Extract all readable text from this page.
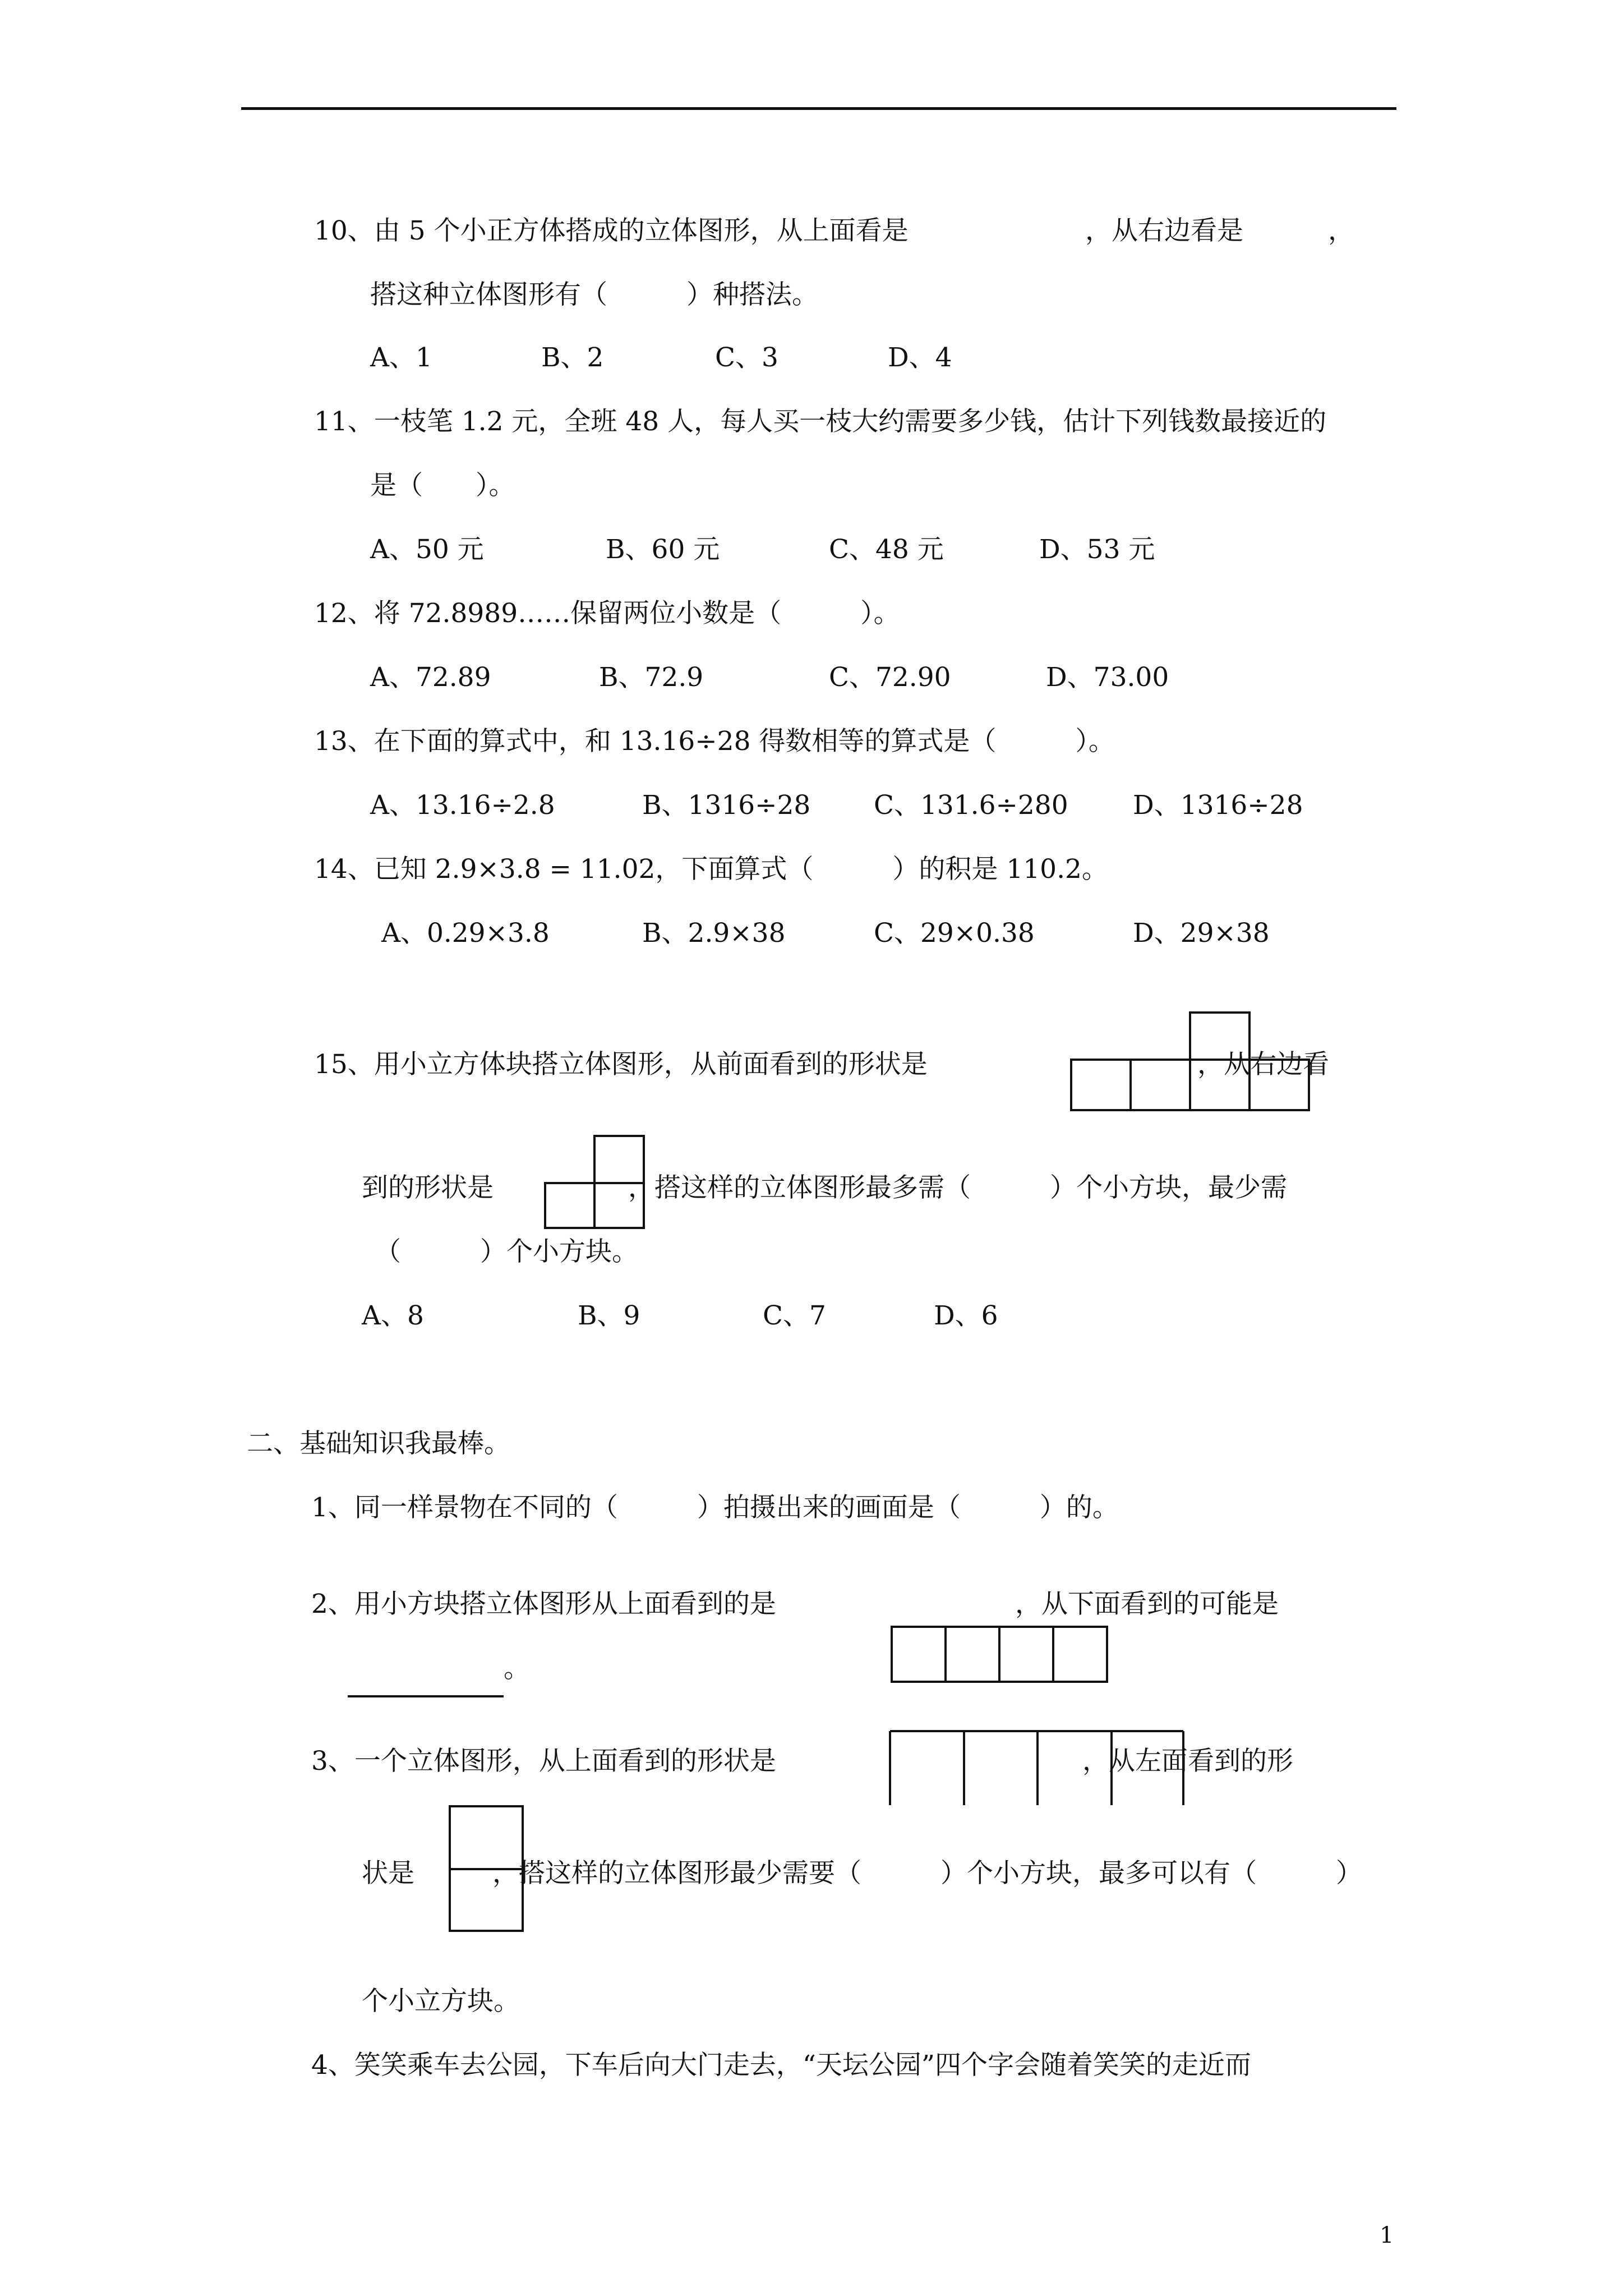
10、由 5 个小正方体搭成的立体图形，从上面看是	，从右边看是	，

搭这种立体图形有（　　　）种搭法。

A、1	B、2	C、3	D、4

11、一枝笔 1.2 元，全班 48 人，每人买一枝大约需要多少钱，估计下列钱数最接近的

是（　　）。

A、50 元	B、60 元	C、48 元	D、53 元

12、将 72.8989……保留两位小数是（　　　）。

A、72.89	B、72.9	C、72.90	D、73.00

13、在下面的算式中，和 13.16÷28 得数相等的算式是（　　　）。

A、13.16÷2.8	B、1316÷28 C、131.6÷280 D、1316÷28

14、已知 2.9×3.8 = 11.02，下面算式（　　　）的积是 110.2。

A、0.29×3.8	B、2.9×38	C、29×0.38	D、29×38

15、用小立方体块搭立体图形，从前面看到的形状是	，从右边看

到的形状是	，搭这样的立体图形最多需（　　　）个小方块，最少需

（　　　）个小方块。

A、8	B、9	C、7	D、6

二、基础知识我最棒。

1、同一样景物在不同的（　　　）拍摄出来的画面是（　　　）的。

2、用小方块搭立体图形从上面看到的是	，从下面看到的可能是

。

3、一个立体图形，从上面看到的形状是	，从左面看到的形

状是	，搭这样的立体图形最少需要（　　　）个小方块，最多可以有（　　　）

个小立方块。

4、笑笑乘车去公园，下车后向大门走去，“天坛公园”四个字会随着笑笑的走近而

1
